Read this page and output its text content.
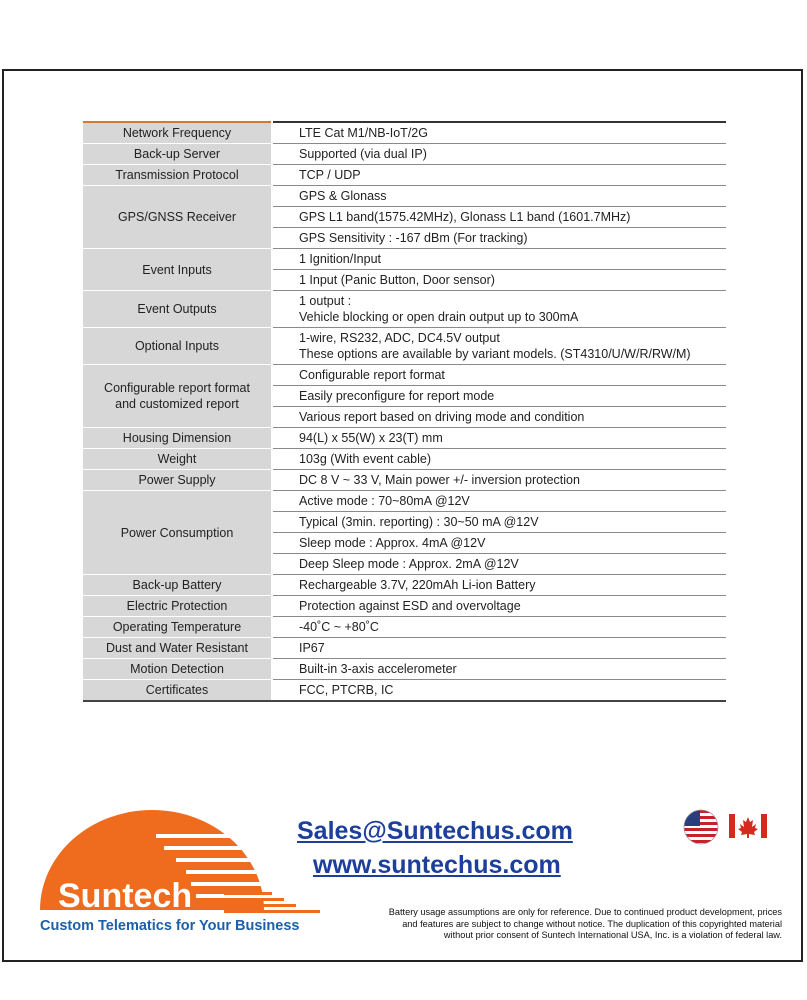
Network Frequency	LTE Cat M1/NB-IoT/2G
Back-up Server	Supported (via dual IP)
Transmission Protocol	TCP / UDP
GPS/GNSS Receiver	GPS & Glonass
	GPS L1 band(1575.42MHz), Glonass L1 band (1601.7MHz)
	GPS Sensitivity : -167 dBm (For tracking)
Event Inputs	1 Ignition/Input
	1 Input (Panic Button, Door sensor)
Event Outputs	1 output :
Vehicle blocking or open drain output up to 300mA
Optional Inputs	1-wire, RS232, ADC, DC4.5V output
These options are available by variant models. (ST4310/U/W/R/RW/M)
Configurable report format
and customized report	Configurable report format
	Easily preconfigure for report mode
	Various report based on driving mode and condition
Housing Dimension	94(L) x 55(W) x 23(T) mm
Weight	103g (With event cable)
Power Supply	DC 8 V ~ 33 V, Main power +/- inversion protection
Power Consumption	Active mode : 70~80mA @12V
	Typical (3min. reporting) : 30~50 mA @12V
	Sleep mode : Approx. 4mA @12V
	Deep Sleep mode : Approx. 2mA @12V
Back-up Battery	Rechargeable 3.7V, 220mAh Li-ion Battery
Electric Protection	Protection against ESD and overvoltage
Operating Temperature	-40˚C ~ +80˚C
Dust and Water Resistant	IP67
Motion Detection	Built-in 3-axis accelerometer
Certificates	FCC, PTCRB, IC
Suntech
Custom Telematics for Your Business
Sales@Suntechus.com
www.suntechus.com
Battery usage assumptions are only for reference. Due to continued product development, prices
and features are subject to change without notice. The duplication of this copyrighted material
without prior consent of Suntech International USA, Inc. is a violation of federal law.
